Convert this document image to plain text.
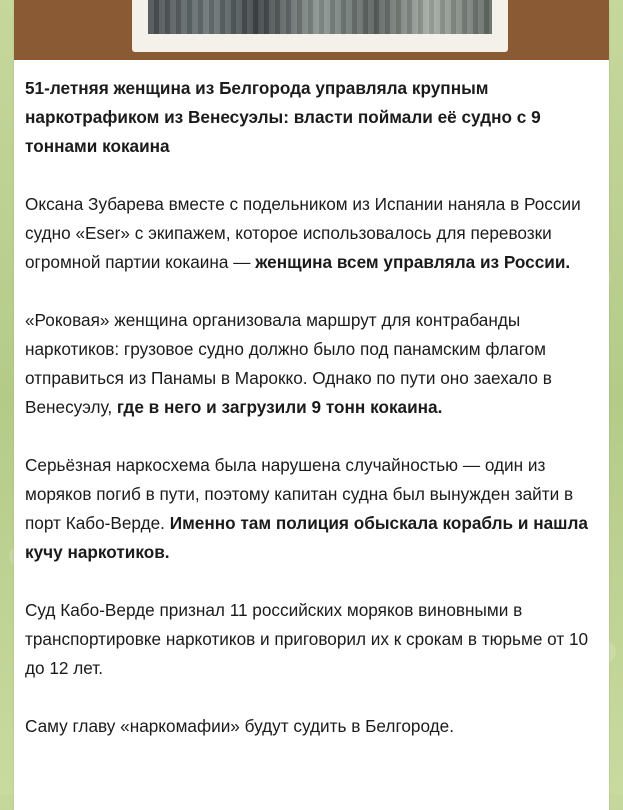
51-летняя женщина из Белгорода управляла крупным наркотрафиком из Венесуэлы: власти поймали её судно с 9 тоннами кокаина

Оксана Зубарева вместе с подельником из Испании наняла в России судно «Eser» с экипажем, которое использовалось для перевозки огромной партии кокаина — женщина всем управляла из России.

«Роковая» женщина организовала маршрут для контрабанды наркотиков: грузовое судно должно было под панамским флагом отправиться из Панамы в Марокко. Однако по пути оно заехало в Венесуэлу, где в него и загрузили 9 тонн кокаина.

Серьёзная наркосхема была нарушена случайностью — один из моряков погиб в пути, поэтому капитан судна был вынужден зайти в порт Кабо-Верде. Именно там полиция обыскала корабль и нашла кучу наркотиков.

Суд Кабо-Верде признал 11 российских моряков виновными в транспортировке наркотиков и приговорил их к срокам в тюрьме от 10 до 12 лет.

Саму главу «наркомафии» будут судить в Белгороде.
